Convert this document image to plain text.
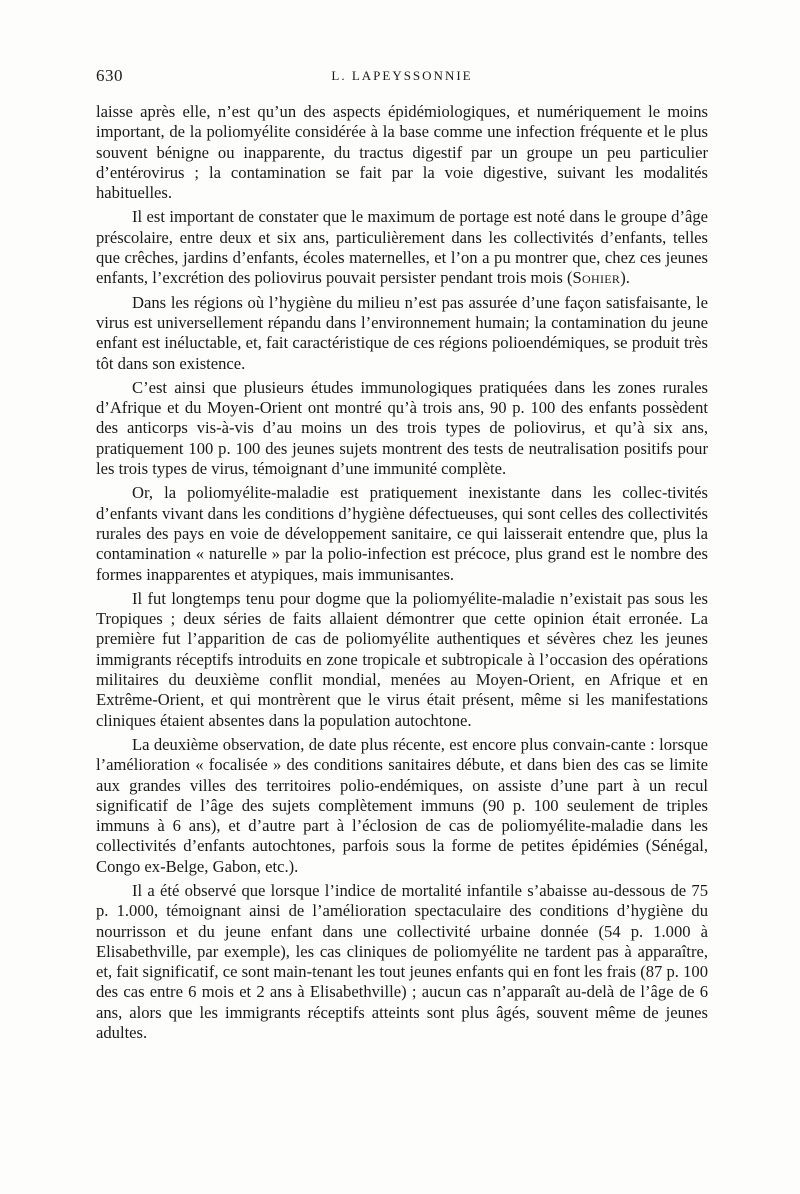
630	L. LAPEYSSONNIE

laisse après elle, n’est qu’un des aspects épidémiologiques, et numériquement le moins important, de la poliomyélite considérée à la base comme une infection fréquente et le plus souvent bénigne ou inapparente, du tractus digestif par un groupe un peu particulier d’entérovirus ; la contamination se fait par la voie digestive, suivant les modalités habituelles.

Il est important de constater que le maximum de portage est noté dans le groupe d’âge préscolaire, entre deux et six ans, particulièrement dans les collectivités d’enfants, telles que crêches, jardins d’enfants, écoles maternelles, et l’on a pu montrer que, chez ces jeunes enfants, l’excrétion des poliovirus pouvait persister pendant trois mois (Sohier).

Dans les régions où l’hygiène du milieu n’est pas assurée d’une façon satisfaisante, le virus est universellement répandu dans l’environnement humain; la contamination du jeune enfant est inéluctable, et, fait caractéristique de ces régions polioendémiques, se produit très tôt dans son existence.

C’est ainsi que plusieurs études immunologiques pratiquées dans les zones rurales d’Afrique et du Moyen-Orient ont montré qu’à trois ans, 90 p. 100 des enfants possèdent des anticorps vis-à-vis d’au moins un des trois types de poliovirus, et qu’à six ans, pratiquement 100 p. 100 des jeunes sujets montrent des tests de neutralisation positifs pour les trois types de virus, témoignant d’une immunité complète.

Or, la poliomyélite-maladie est pratiquement inexistante dans les collec-tivités d’enfants vivant dans les conditions d’hygiène défectueuses, qui sont celles des collectivités rurales des pays en voie de développement sanitaire, ce qui laisserait entendre que, plus la contamination « naturelle » par la polio-infection est précoce, plus grand est le nombre des formes inapparentes et atypiques, mais immunisantes.

Il fut longtemps tenu pour dogme que la poliomyélite-maladie n’existait pas sous les Tropiques ; deux séries de faits allaient démontrer que cette opinion était erronée. La première fut l’apparition de cas de poliomyélite authentiques et sévères chez les jeunes immigrants réceptifs introduits en zone tropicale et subtropicale à l’occasion des opérations militaires du deuxième conflit mondial, menées au Moyen-Orient, en Afrique et en Extrême-Orient, et qui montrèrent que le virus était présent, même si les manifestations cliniques étaient absentes dans la population autochtone.

La deuxième observation, de date plus récente, est encore plus convain-cante : lorsque l’amélioration « focalisée » des conditions sanitaires débute, et dans bien des cas se limite aux grandes villes des territoires polio-endémiques, on assiste d’une part à un recul significatif de l’âge des sujets complètement immuns (90 p. 100 seulement de triples immuns à 6 ans), et d’autre part à l’éclosion de cas de poliomyélite-maladie dans les collectivités d’enfants autochtones, parfois sous la forme de petites épidémies (Sénégal, Congo ex-Belge, Gabon, etc.).

Il a été observé que lorsque l’indice de mortalité infantile s’abaisse au-dessous de 75 p. 1.000, témoignant ainsi de l’amélioration spectaculaire des conditions d’hygiène du nourrisson et du jeune enfant dans une collectivité urbaine donnée (54 p. 1.000 à Elisabethville, par exemple), les cas cliniques de poliomyélite ne tardent pas à apparaître, et, fait significatif, ce sont main-tenant les tout jeunes enfants qui en font les frais (87 p. 100 des cas entre 6 mois et 2 ans à Elisabethville) ; aucun cas n’apparaît au-delà de l’âge de 6 ans, alors que les immigrants réceptifs atteints sont plus âgés, souvent même de jeunes adultes.
